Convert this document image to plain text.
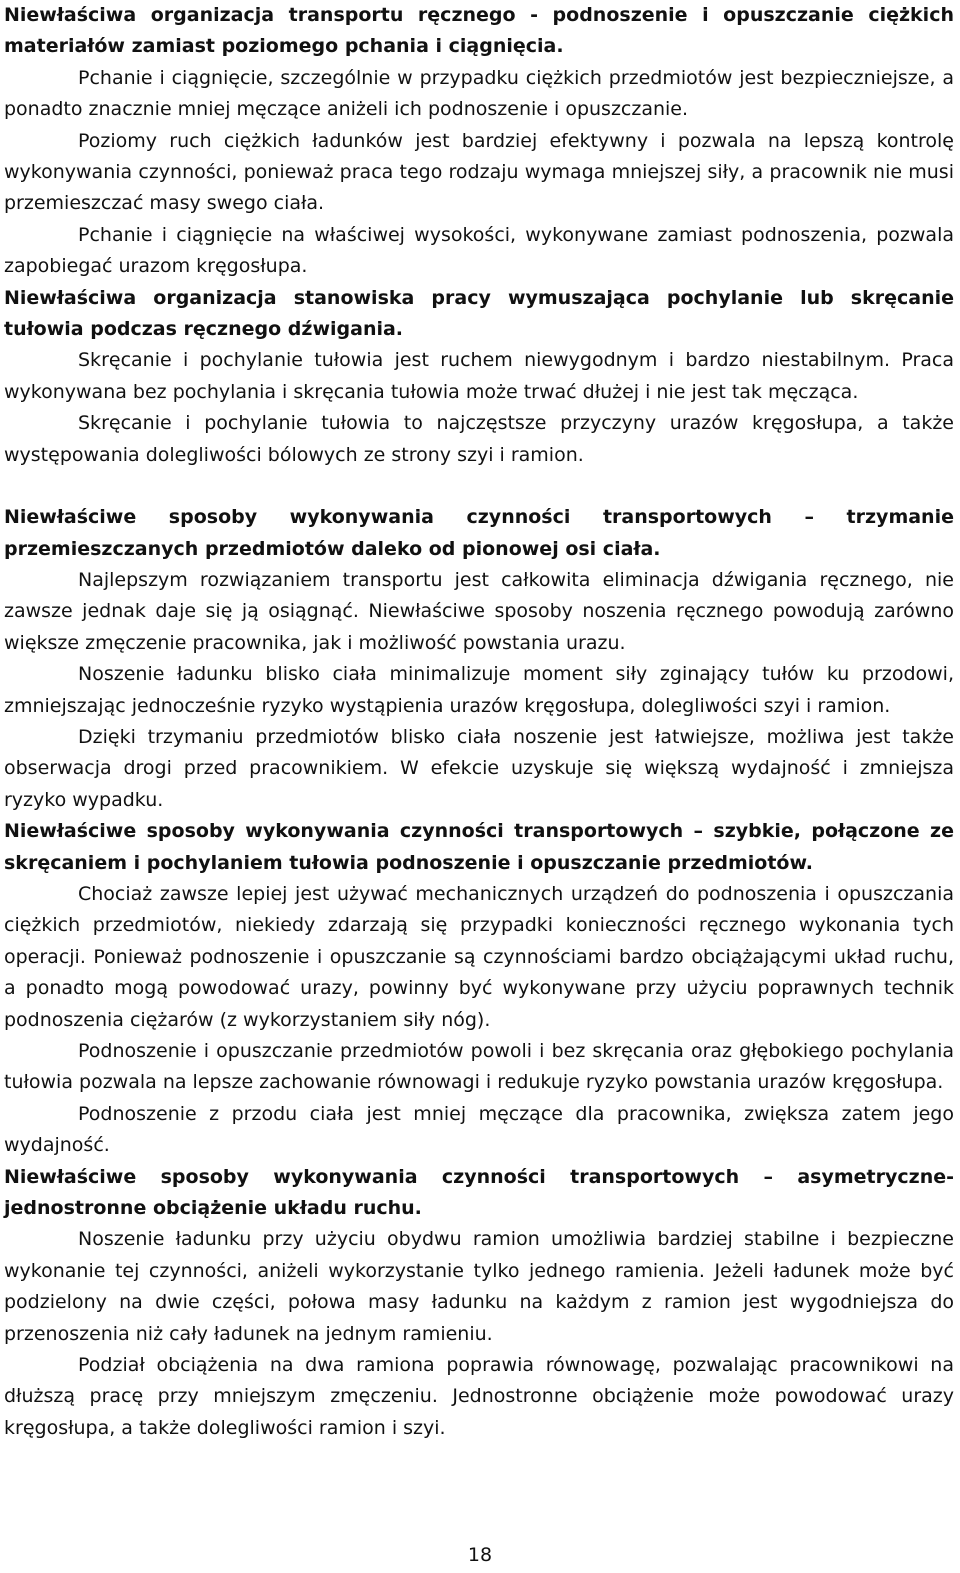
Niewłaściwa organizacja transportu ręcznego - podnoszenie i opuszczanie ciężkich materiałów zamiast poziomego pchania i ciągnięcia.

Pchanie i ciągnięcie, szczególnie w przypadku ciężkich przedmiotów jest bezpieczniejsze, a ponadto znacznie mniej męczące aniżeli ich podnoszenie i opuszczanie.

Poziomy ruch ciężkich ładunków jest bardziej efektywny i pozwala na lepszą kontrolę wykonywania czynności, ponieważ praca tego rodzaju wymaga mniejszej siły, a pracownik nie musi przemieszczać masy swego ciała.

Pchanie i ciągnięcie na właściwej wysokości, wykonywane zamiast podnoszenia, pozwala zapobiegać urazom kręgosłupa.

Niewłaściwa organizacja stanowiska pracy wymuszająca pochylanie lub skręcanie tułowia podczas ręcznego dźwigania.

Skręcanie i pochylanie tułowia jest ruchem niewygodnym i bardzo niestabilnym. Praca wykonywana bez pochylania i skręcania tułowia może trwać dłużej i nie jest tak męcząca.

Skręcanie i pochylanie tułowia to najczęstsze przyczyny urazów kręgosłupa, a także występowania dolegliwości bólowych ze strony szyi i ramion.

Niewłaściwe sposoby wykonywania czynności transportowych – trzymanie przemieszczanych przedmiotów daleko od pionowej osi ciała.

Najlepszym rozwiązaniem transportu jest całkowita eliminacja dźwigania ręcznego, nie zawsze jednak daje się ją osiągnąć. Niewłaściwe sposoby noszenia ręcznego powodują zarówno większe zmęczenie pracownika, jak i możliwość powstania urazu.

Noszenie ładunku blisko ciała minimalizuje moment siły zginający tułów ku przodowi, zmniejszając jednocześnie ryzyko wystąpienia urazów kręgosłupa, dolegliwości szyi i ramion.

Dzięki trzymaniu przedmiotów blisko ciała noszenie jest łatwiejsze, możliwa jest także obserwacja drogi przed pracownikiem. W efekcie uzyskuje się większą wydajność i zmniejsza ryzyko wypadku.

Niewłaściwe sposoby wykonywania czynności transportowych – szybkie, połączone ze skręcaniem i pochylaniem tułowia podnoszenie i opuszczanie przedmiotów.

Chociaż zawsze lepiej jest używać mechanicznych urządzeń do podnoszenia i opuszczania ciężkich przedmiotów, niekiedy zdarzają się przypadki konieczności ręcznego wykonania tych operacji. Ponieważ podnoszenie i opuszczanie są czynnościami bardzo obciążającymi układ ruchu, a ponadto mogą powodować urazy, powinny być wykonywane przy użyciu poprawnych technik podnoszenia ciężarów (z wykorzystaniem siły nóg).

Podnoszenie i opuszczanie przedmiotów powoli i bez skręcania oraz głębokiego pochylania tułowia pozwala na lepsze zachowanie równowagi i redukuje ryzyko powstania urazów kręgosłupa.

Podnoszenie z przodu ciała jest mniej męczące dla pracownika, zwiększa zatem jego wydajność.

Niewłaściwe sposoby wykonywania czynności transportowych – asymetryczne-jednostronne obciążenie układu ruchu.

Noszenie ładunku przy użyciu obydwu ramion umożliwia bardziej stabilne i bezpieczne wykonanie tej czynności, aniżeli wykorzystanie tylko jednego ramienia. Jeżeli ładunek może być podzielony na dwie części, połowa masy ładunku na każdym z ramion jest wygodniejsza do przenoszenia niż cały ładunek na jednym ramieniu.

Podział obciążenia na dwa ramiona poprawia równowagę, pozwalając pracownikowi na dłuższą pracę przy mniejszym zmęczeniu. Jednostronne obciążenie może powodować urazy kręgosłupa, a także dolegliwości ramion i szyi.

18
